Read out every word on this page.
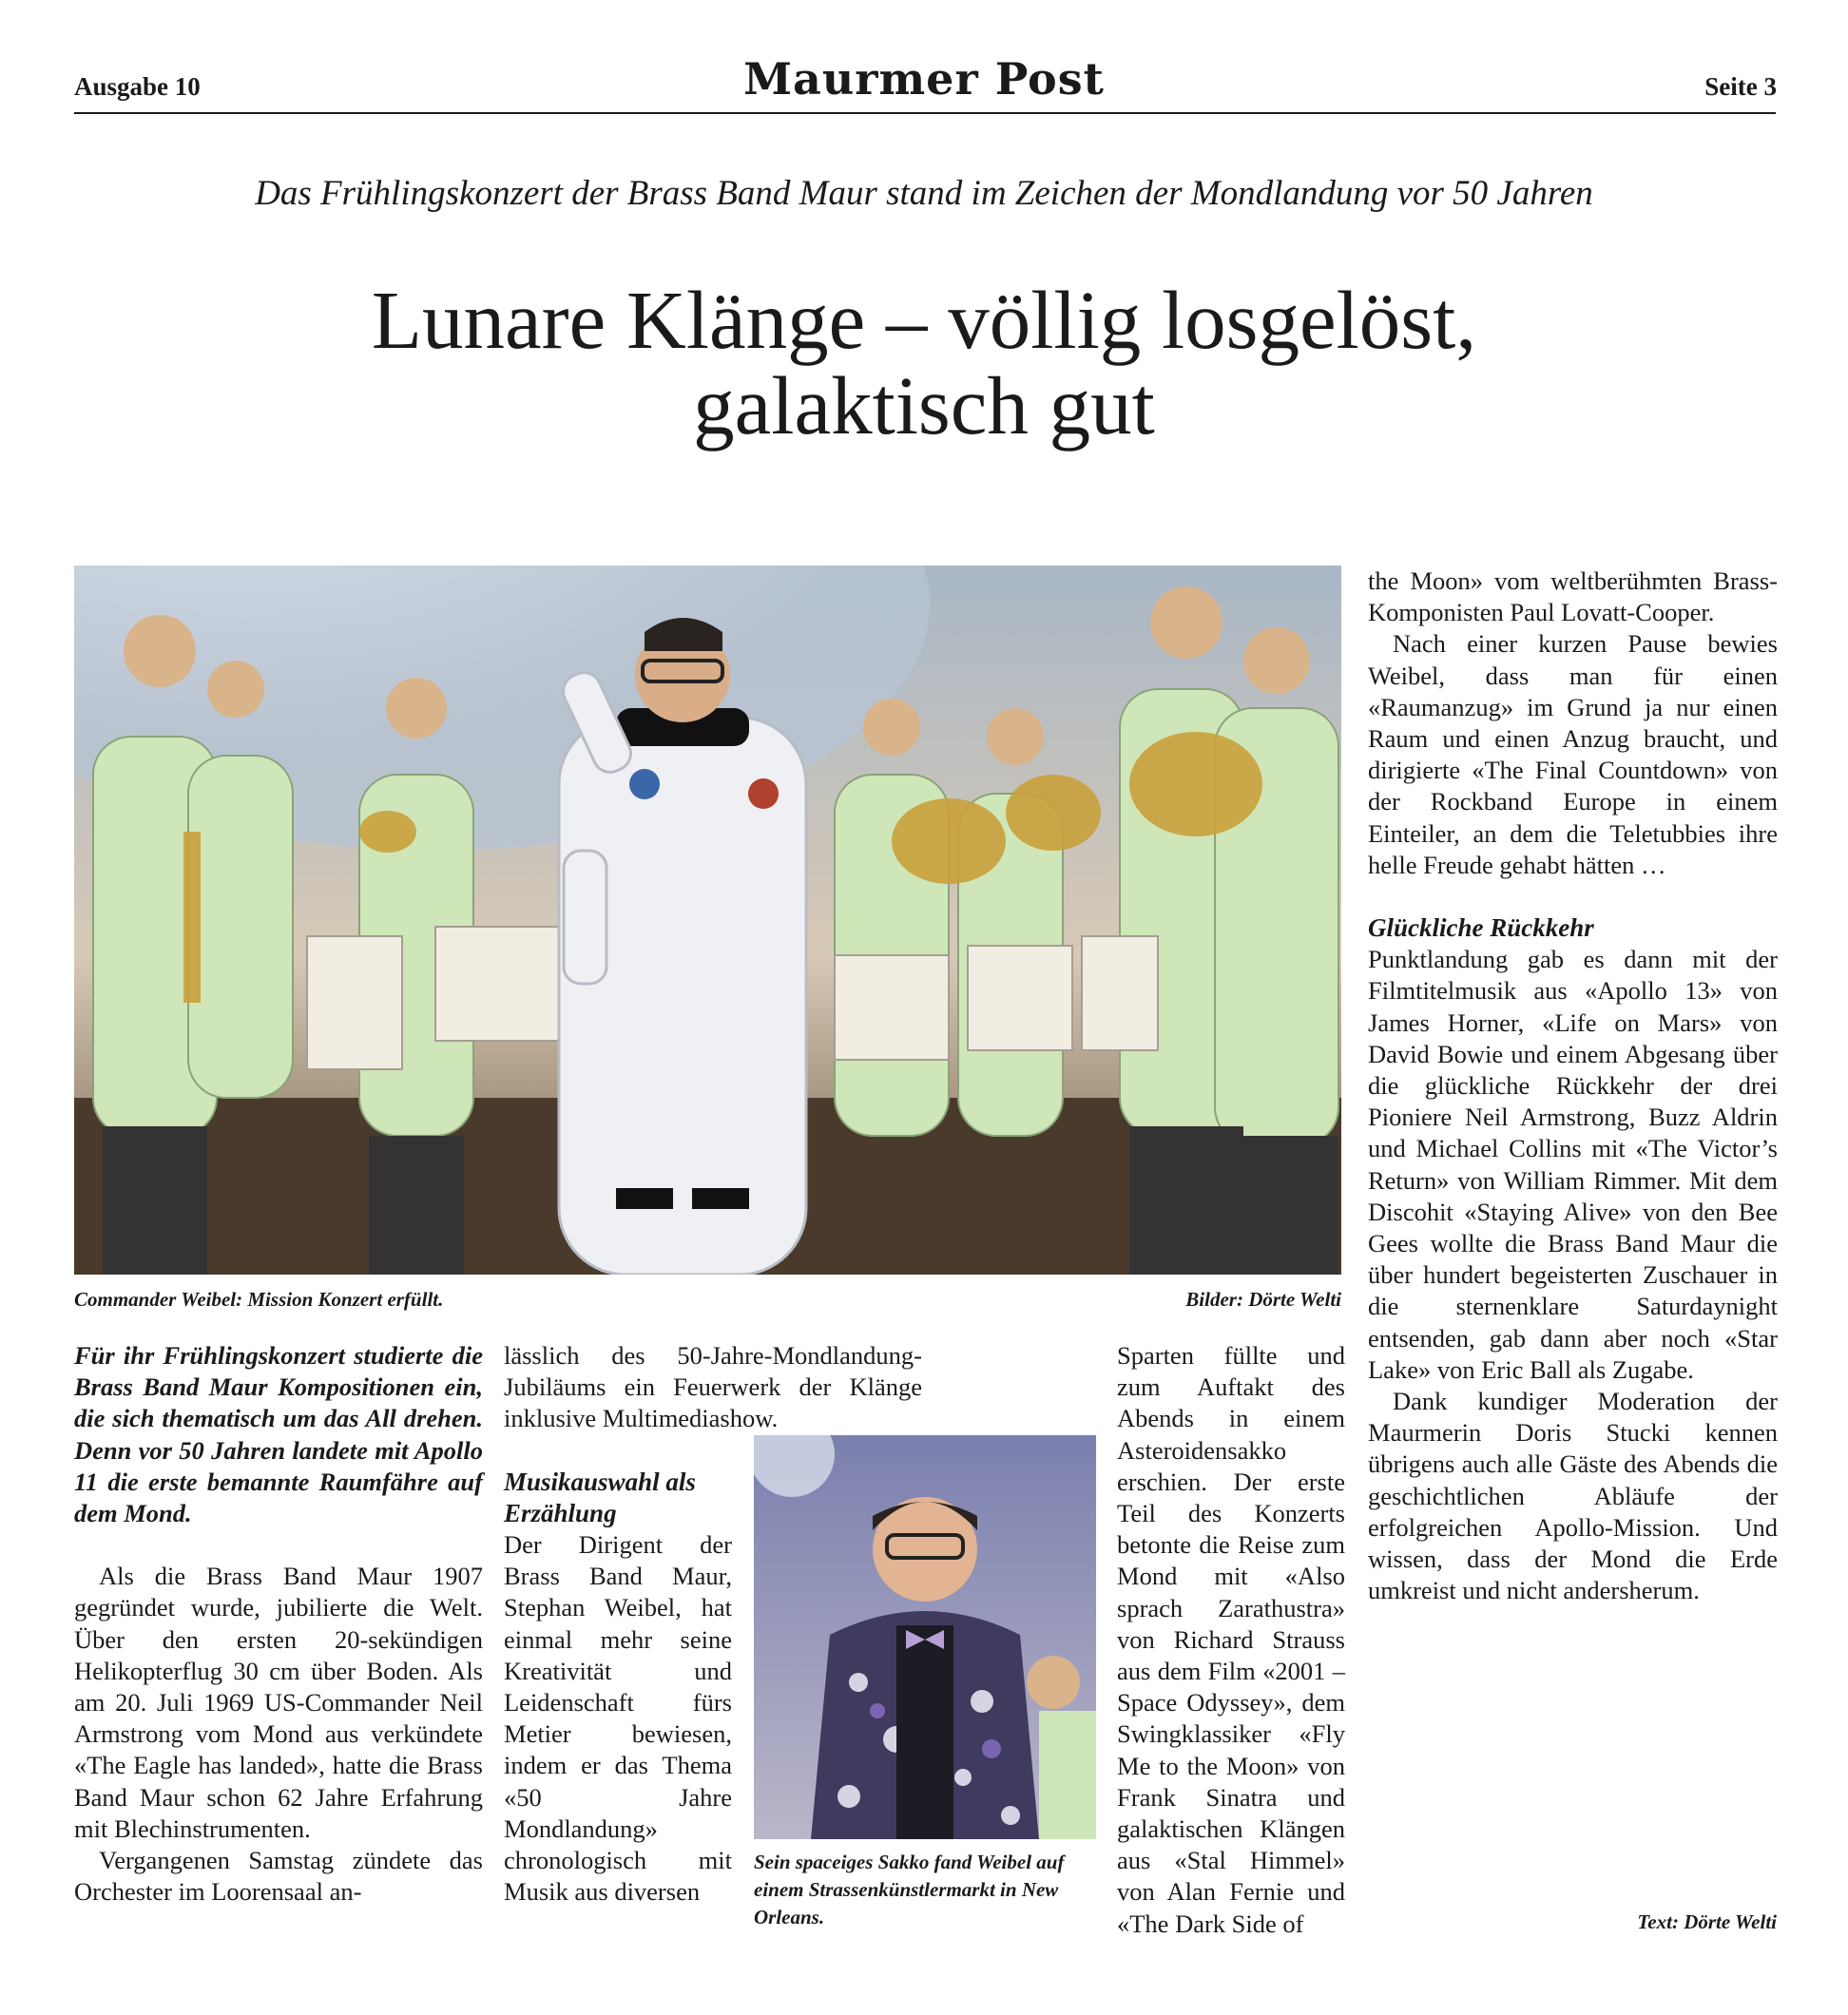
Ausgabe 10	Maurmer Post	Seite 3
Das Frühlingskonzert der Brass Band Maur stand im Zeichen der Mondlandung vor 50 Jahren
Lunare Klänge – völlig losgelöst,
galaktisch gut
Commander Weibel: Mission Konzert erfüllt.	Bilder: Dörte Welti
Für ihr Frühlingskonzert studierte die Brass Band Maur Kompositionen ein, die sich thematisch um das All drehen. Denn vor 50 Jahren landete mit Apollo 11 die erste bemannte Raumfähre auf dem Mond.

Als die Brass Band Maur 1907 gegründet wurde, jubilierte die Welt. Über den ersten 20-sekündigen Helikopterflug 30 cm über Boden. Als am 20. Juli 1969 US-Commander Neil Armstrong vom Mond aus verkündete «The Eagle has landed», hatte die Brass Band Maur schon 62 Jahre Erfahrung mit Blechinstrumenten.

Vergangenen Samstag zündete das Orchester im Loorensaal an-

lässlich des 50-Jahre-Mondlandung-Jubiläums ein Feuerwerk der Klänge inklusive Multimediashow.

Musikauswahl als Erzählung

Der Dirigent der Brass Band Maur, Stephan Weibel, hat einmal mehr seine Kreativität und Leidenschaft fürs Metier bewiesen, indem er das Thema «50 Jahre Mondlandung» chronologisch mit Musik aus diversen

Sparten füllte und zum Auftakt des Abends in einem Asteroidensakko erschien. Der erste Teil des Konzerts betonte die Reise zum Mond mit «Also sprach Zarathustra» von Richard Strauss aus dem Film «2001 – Space Odyssey», dem Swingklassiker «Fly Me to the Moon» von Frank Sinatra und galaktischen Klängen aus «Stal Himmel» von Alan Fernie und «The Dark Side of

Sein spaceiges Sakko fand Weibel auf einem Strassenkünstlermarkt in New Orleans.

the Moon» vom weltberühmten Brass-Komponisten Paul Lovatt-Cooper.

Nach einer kurzen Pause bewies Weibel, dass man für einen «Raumanzug» im Grund ja nur einen Raum und einen Anzug braucht, und dirigierte «The Final Countdown» von der Rockband Europe in einem Einteiler, an dem die Teletubbies ihre helle Freude gehabt hätten …

Glückliche Rückkehr

Punktlandung gab es dann mit der Filmtitelmusik aus «Apollo 13» von James Horner, «Life on Mars» von David Bowie und einem Abgesang über die glückliche Rückkehr der drei Pioniere Neil Armstrong, Buzz Aldrin und Michael Collins mit «The Victor’s Return» von William Rimmer. Mit dem Discohit «Staying Alive» von den Bee Gees wollte die Brass Band Maur die über hundert begeisterten Zuschauer in die sternenklare Saturdaynight entsenden, gab dann aber noch «Star Lake» von Eric Ball als Zugabe.

Dank kundiger Moderation der Maurmerin Doris Stucki kennen übrigens auch alle Gäste des Abends die geschichtlichen Abläufe der erfolgreichen Apollo-Mission. Und wissen, dass der Mond die Erde umkreist und nicht andersherum.

Text: Dörte Welti
